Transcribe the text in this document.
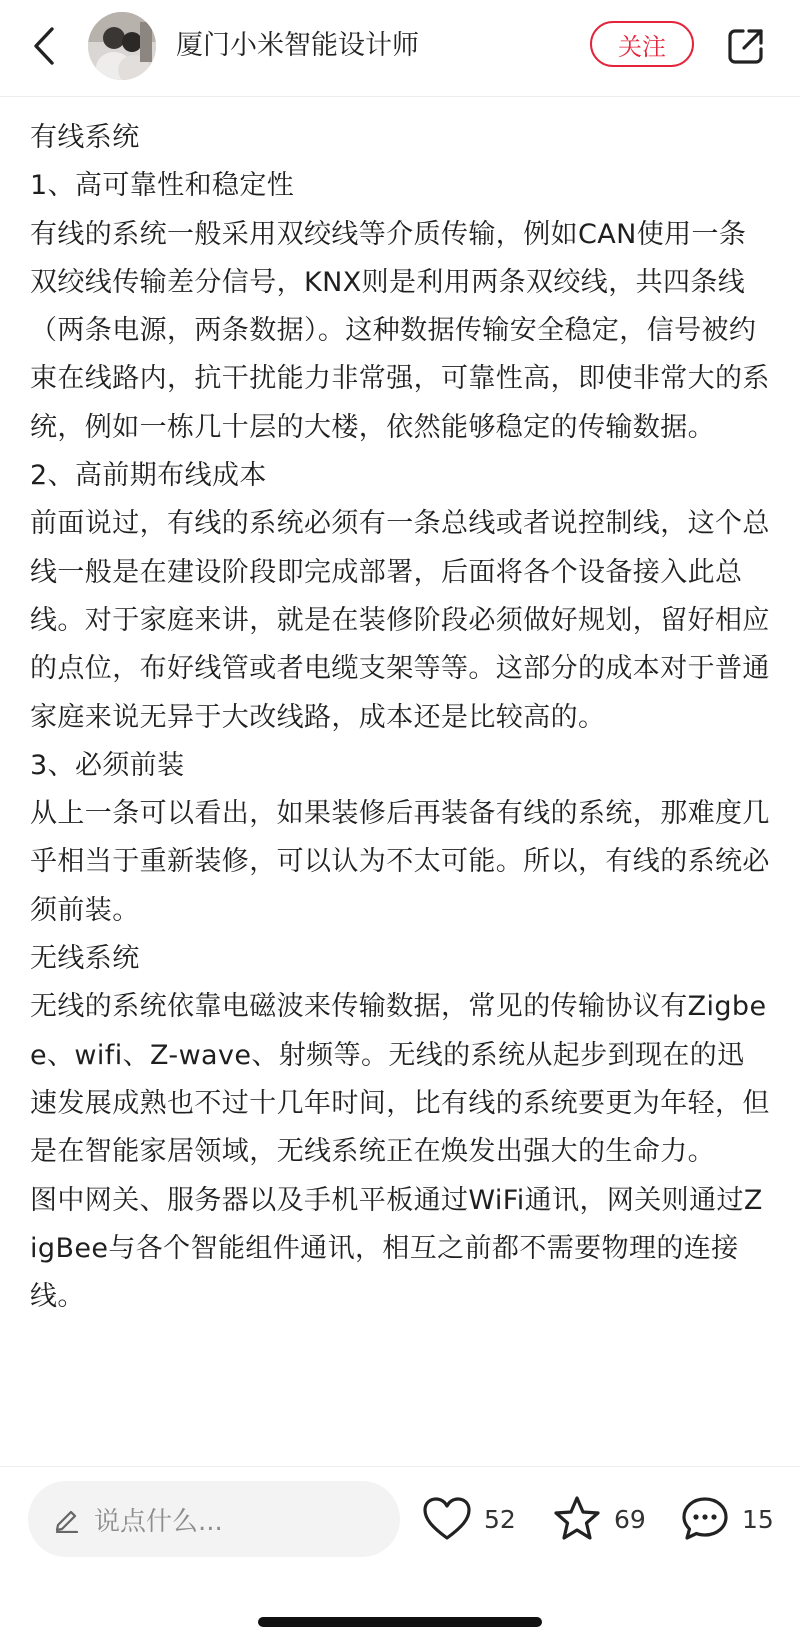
厦门小米智能设计师	关注

有线系统

1、高可靠性和稳定性

有线的系统一般采用双绞线等介质传输，例如CAN使用一条双绞线传输差分信号，KNX则是利用两条双绞线，共四条线（两条电源，两条数据）。这种数据传输安全稳定，信号被约束在线路内，抗干扰能力非常强，可靠性高，即使非常大的系统，例如一栋几十层的大楼，依然能够稳定的传输数据。

2、高前期布线成本

前面说过，有线的系统必须有一条总线或者说控制线，这个总线一般是在建设阶段即完成部署，后面将各个设备接入此总线。对于家庭来讲，就是在装修阶段必须做好规划，留好相应的点位，布好线管或者电缆支架等等。这部分的成本对于普通家庭来说无异于大改线路，成本还是比较高的。

3、必须前装

从上一条可以看出，如果装修后再装备有线的系统，那难度几乎相当于重新装修，可以认为不太可能。所以，有线的系统必须前装。

无线系统

无线的系统依靠电磁波来传输数据，常见的传输协议有Zigbee、wifi、Z-wave、射频等。无线的系统从起步到现在的迅速发展成熟也不过十几年时间，比有线的系统要更为年轻，但是在智能家居领域，无线系统正在焕发出强大的生命力。

图中网关、服务器以及手机平板通过WiFi通讯，网关则通过ZigBee与各个智能组件通讯，相互之前都不需要物理的连接线。

说点什么...	52	69	15
